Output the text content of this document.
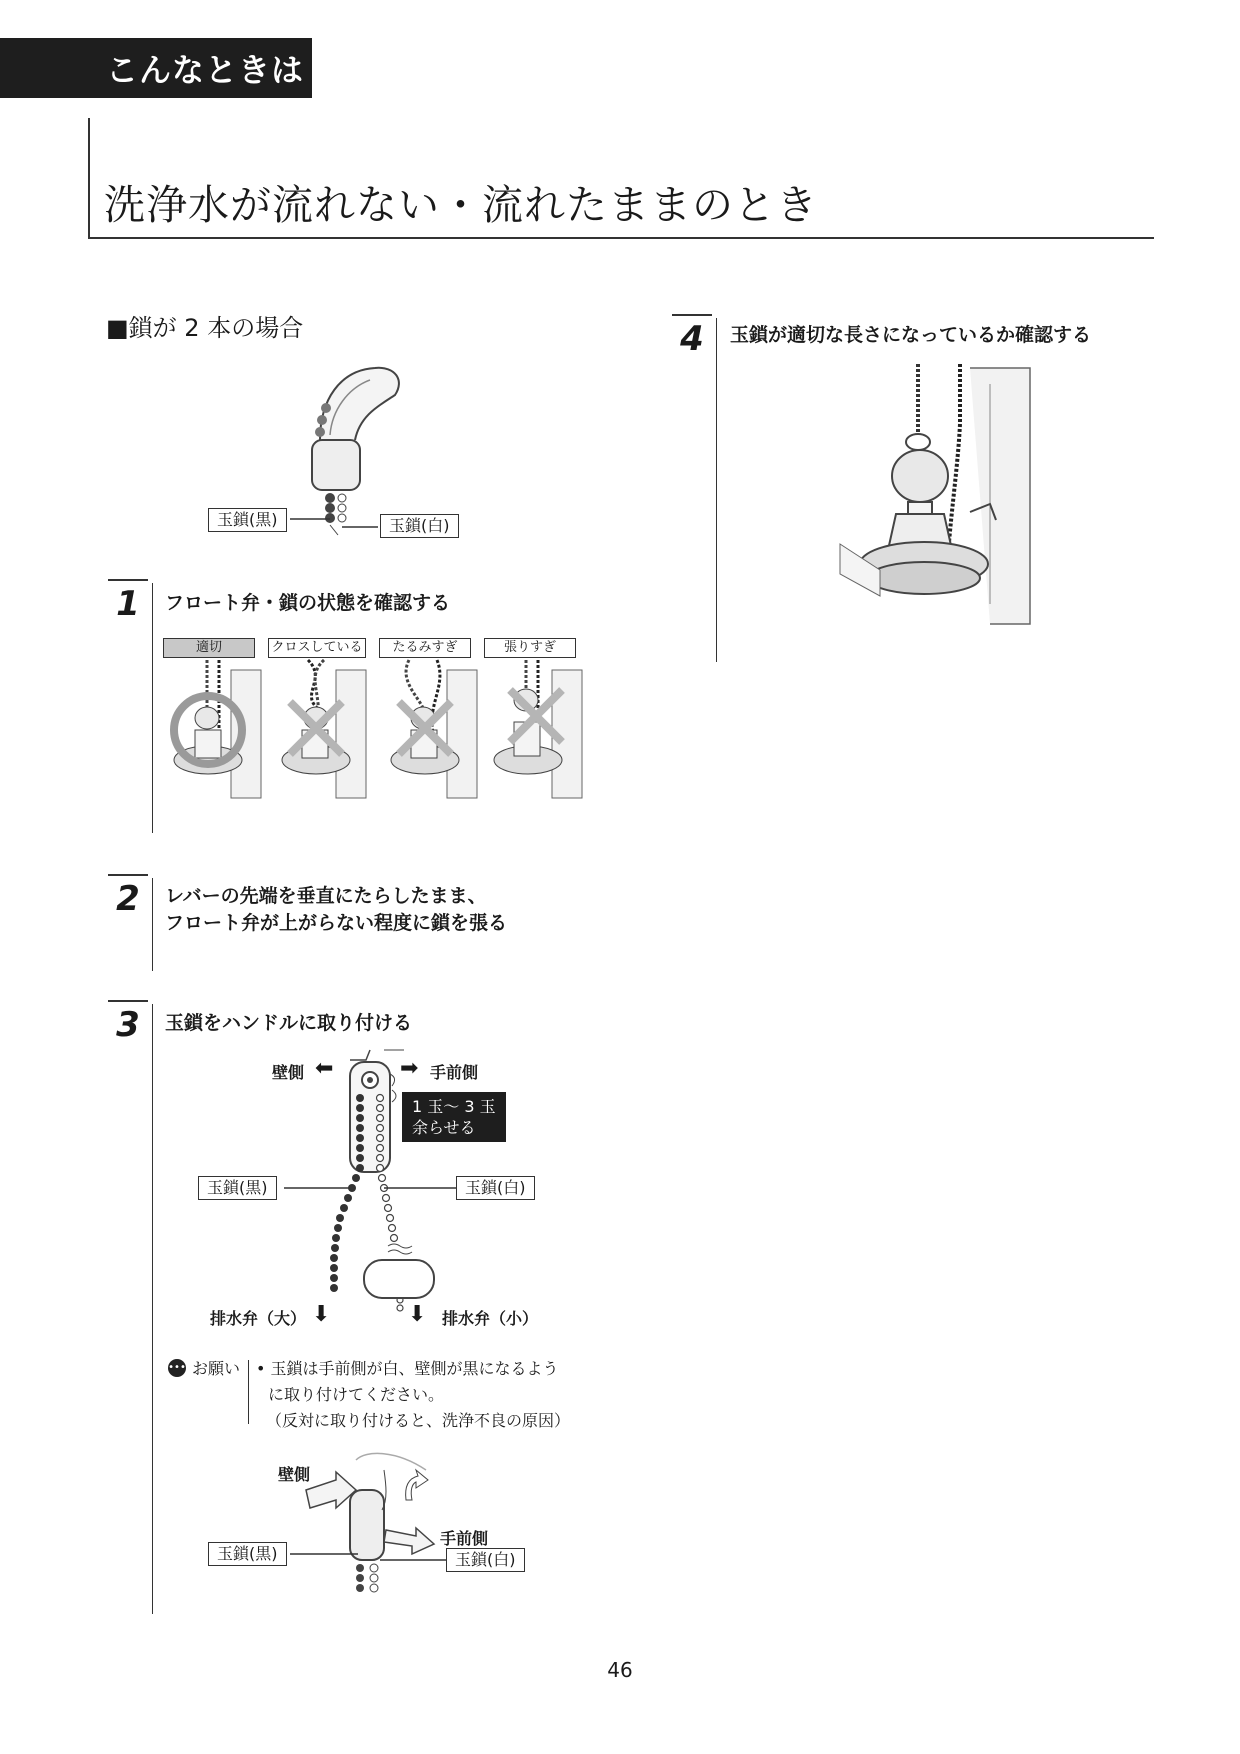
こんなときは
洗浄水が流れない・流れたままのとき
■鎖が 2 本の場合
玉鎖(黒)	玉鎖(白)
1	フロート弁・鎖の状態を確認する
適切	クロスしている	たるみすぎ	張りすぎ
2	レバーの先端を垂直にたらしたまま、
フロート弁が上がらない程度に鎖を張る
3	玉鎖をハンドルに取り付ける
壁側 ⬅	➡ 手前側
1 玉～ 3 玉
余らせる
玉鎖(黒)	玉鎖(白)
排水弁（大） ⬇	⬇ 排水弁（小）
••• お願い • 玉鎖は手前側が白、壁側が黒になるよう
に取り付けてください。
（反対に取り付けると、洗浄不良の原因）
壁側
手前側
玉鎖(黒)	玉鎖(白)
4	玉鎖が適切な長さになっているか確認する
46
